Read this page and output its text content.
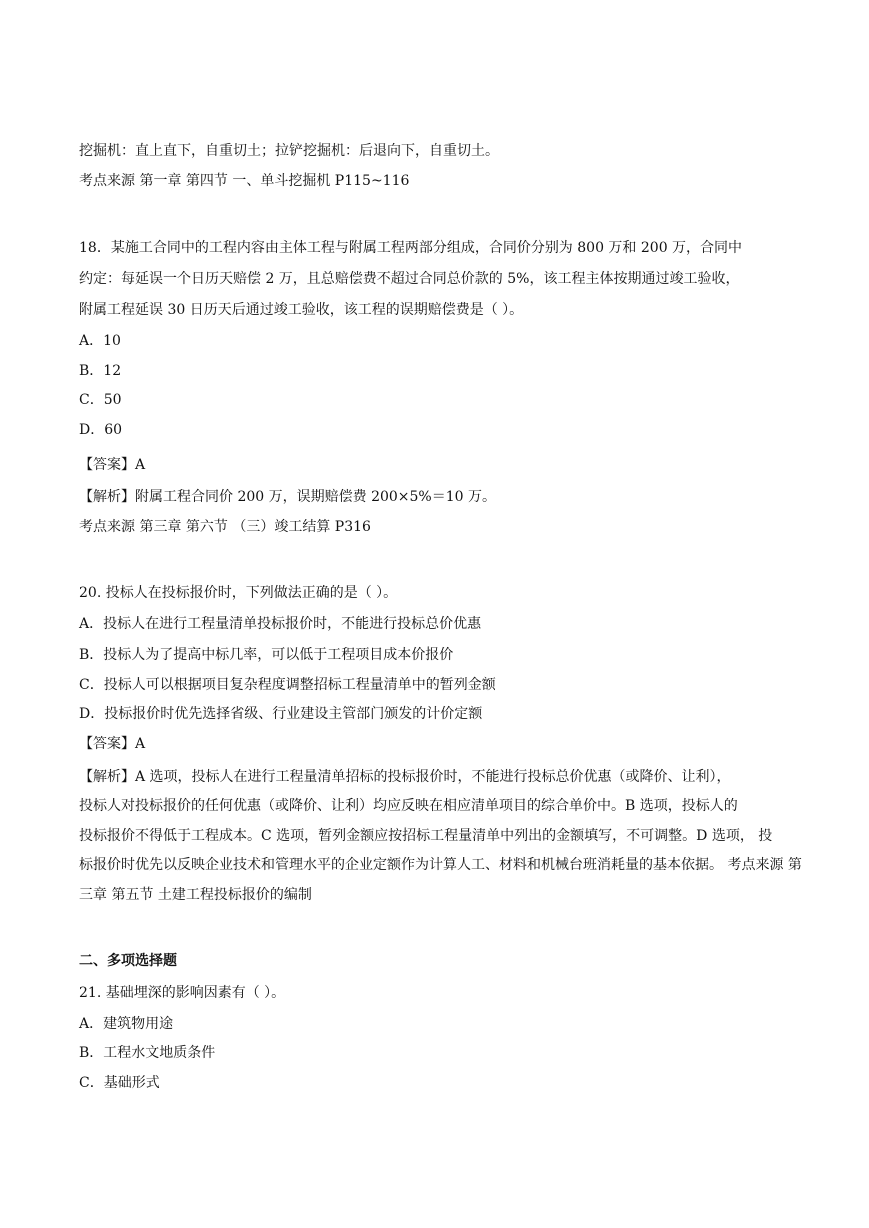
挖掘机：直上直下，自重切土；拉铲挖掘机：后退向下，自重切土。
考点来源 第一章 第四节 一、单斗挖掘机 P115~116
18．某施工合同中的工程内容由主体工程与附属工程两部分组成，合同价分别为 800 万和 200 万，合同中
约定：每延误一个日历天赔偿 2 万，且总赔偿费不超过合同总价款的 5%，该工程主体按期通过竣工验收，
附属工程延误 30 日历天后通过竣工验收，该工程的误期赔偿费是（ ）。
A．10
B．12
C．50
D．60
【答案】A
【解析】附属工程合同价 200 万，误期赔偿费 200×5%＝10 万。
考点来源 第三章 第六节 （三）竣工结算 P316
20. 投标人在投标报价时，下列做法正确的是（ ）。
A．投标人在进行工程量清单投标报价时，不能进行投标总价优惠
B．投标人为了提高中标几率，可以低于工程项目成本价报价
C．投标人可以根据项目复杂程度调整招标工程量清单中的暂列金额
D．投标报价时优先选择省级、行业建设主管部门颁发的计价定额
【答案】A
【解析】A 选项，投标人在进行工程量清单招标的投标报价时，不能进行投标总价优惠（或降价、让利），
投标人对投标报价的任何优惠（或降价、让利）均应反映在相应清单项目的综合单价中。B 选项，投标人的
投标报价不得低于工程成本。C 选项，暂列金额应按招标工程量清单中列出的金额填写，不可调整。D 选项， 投
标报价时优先以反映企业技术和管理水平的企业定额作为计算人工、材料和机械台班消耗量的基本依据。 考点来源 第
三章 第五节 土建工程投标报价的编制
二、多项选择题
21. 基础埋深的影响因素有（ ）。
A．建筑物用途
B．工程水文地质条件
C．基础形式
